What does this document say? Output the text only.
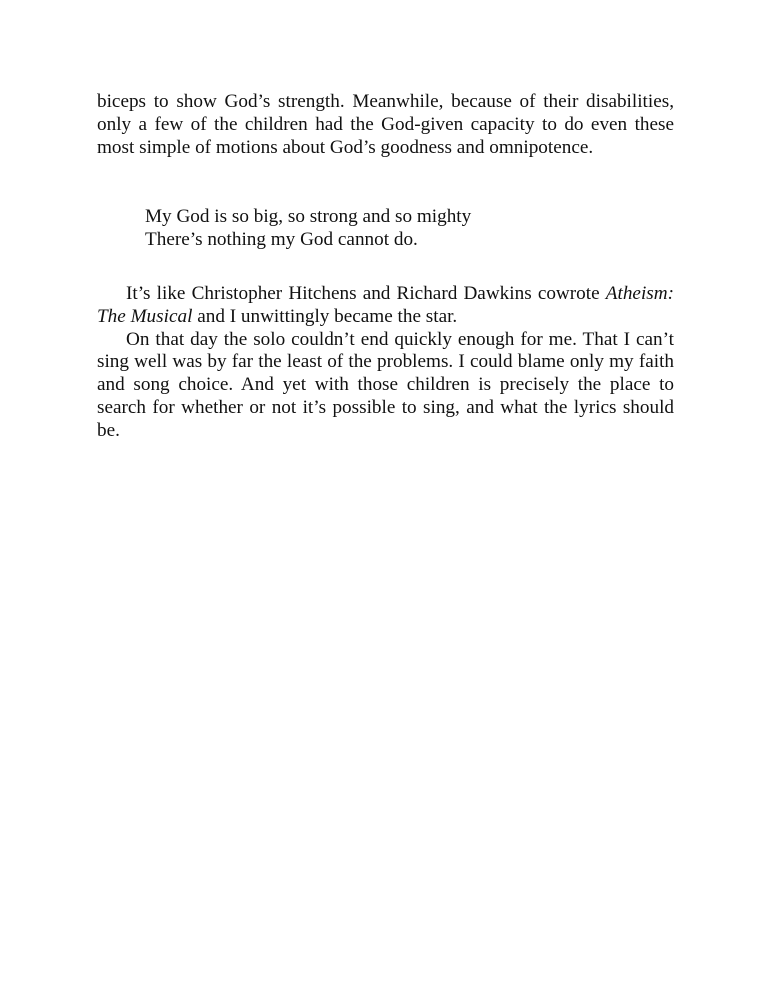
biceps to show God’s strength. Meanwhile, because of their disabilities, only a few of the children had the God-given capacity to do even these most simple of motions about God’s goodness and omnipotence.

My God is so big, so strong and so mighty
There’s nothing my God cannot do.

It’s like Christopher Hitchens and Richard Dawkins cowrote Atheism: The Musical and I unwittingly became the star.

On that day the solo couldn’t end quickly enough for me. That I can’t sing well was by far the least of the problems. I could blame only my faith and song choice. And yet with those children is precisely the place to search for whether or not it’s possible to sing, and what the lyrics should be.
